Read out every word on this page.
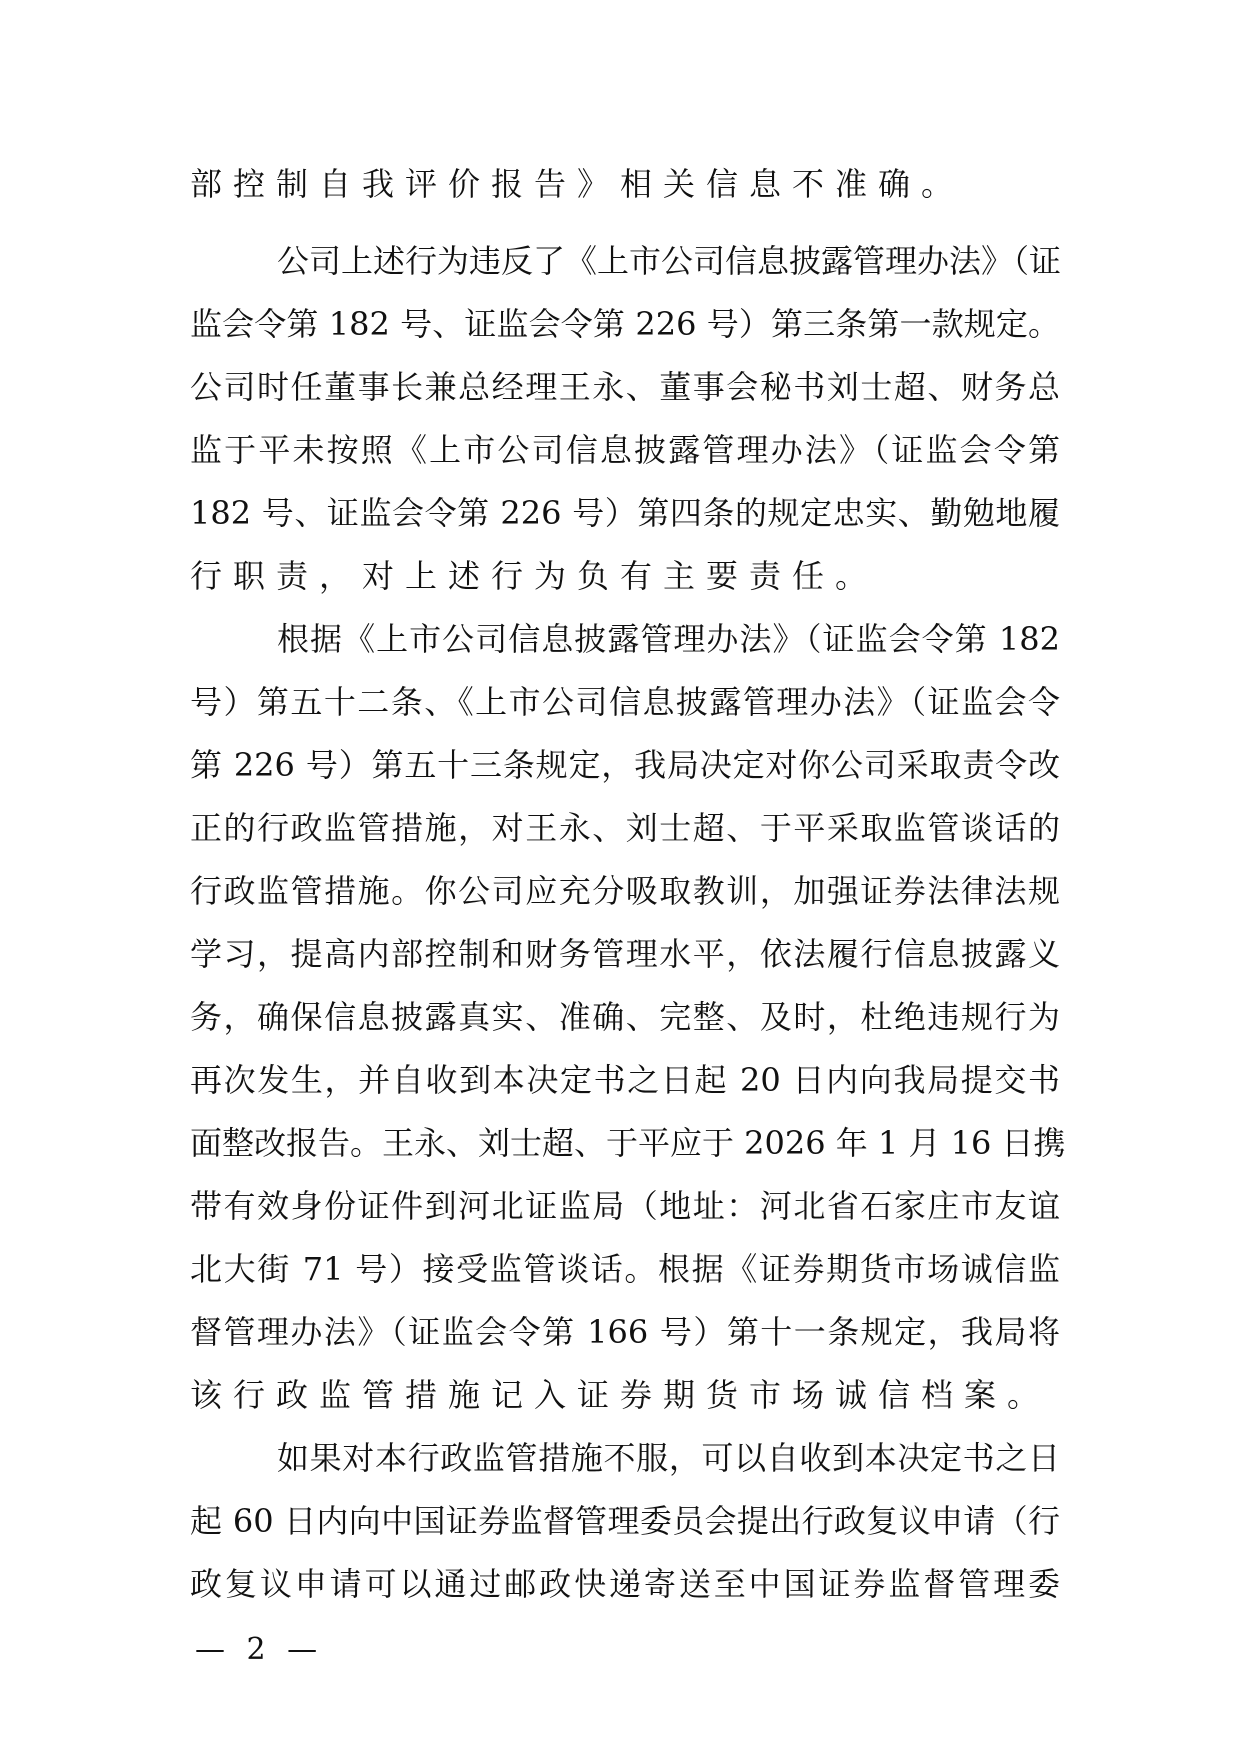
部控制自我评价报告》相关信息不准确。
公司上述行为违反了《上市公司信息披露管理办法》（证
监会令第 182 号、证监会令第 226 号）第三条第一款规定。
公司时任董事长兼总经理王永、董事会秘书刘士超、财务总
监于平未按照《上市公司信息披露管理办法》（证监会令第
182 号、证监会令第 226 号）第四条的规定忠实、勤勉地履
行职责，对上述行为负有主要责任。
根据《上市公司信息披露管理办法》（证监会令第 182
号）第五十二条、《上市公司信息披露管理办法》（证监会令
第 226 号）第五十三条规定，我局决定对你公司采取责令改
正的行政监管措施，对王永、刘士超、于平采取监管谈话的
行政监管措施。你公司应充分吸取教训，加强证券法律法规
学习，提高内部控制和财务管理水平，依法履行信息披露义
务，确保信息披露真实、准确、完整、及时，杜绝违规行为
再次发生，并自收到本决定书之日起 20 日内向我局提交书
面整改报告。王永、刘士超、于平应于 2026 年 1 月 16 日携
带有效身份证件到河北证监局（地址：河北省石家庄市友谊
北大街 71 号）接受监管谈话。根据《证券期货市场诚信监
督管理办法》（证监会令第 166 号）第十一条规定，我局将
该行政监管措施记入证券期货市场诚信档案。
如果对本行政监管措施不服，可以自收到本决定书之日
起 60 日内向中国证券监督管理委员会提出行政复议申请（行
政复议申请可以通过邮政快递寄送至中国证券监督管理委
— 2 —
